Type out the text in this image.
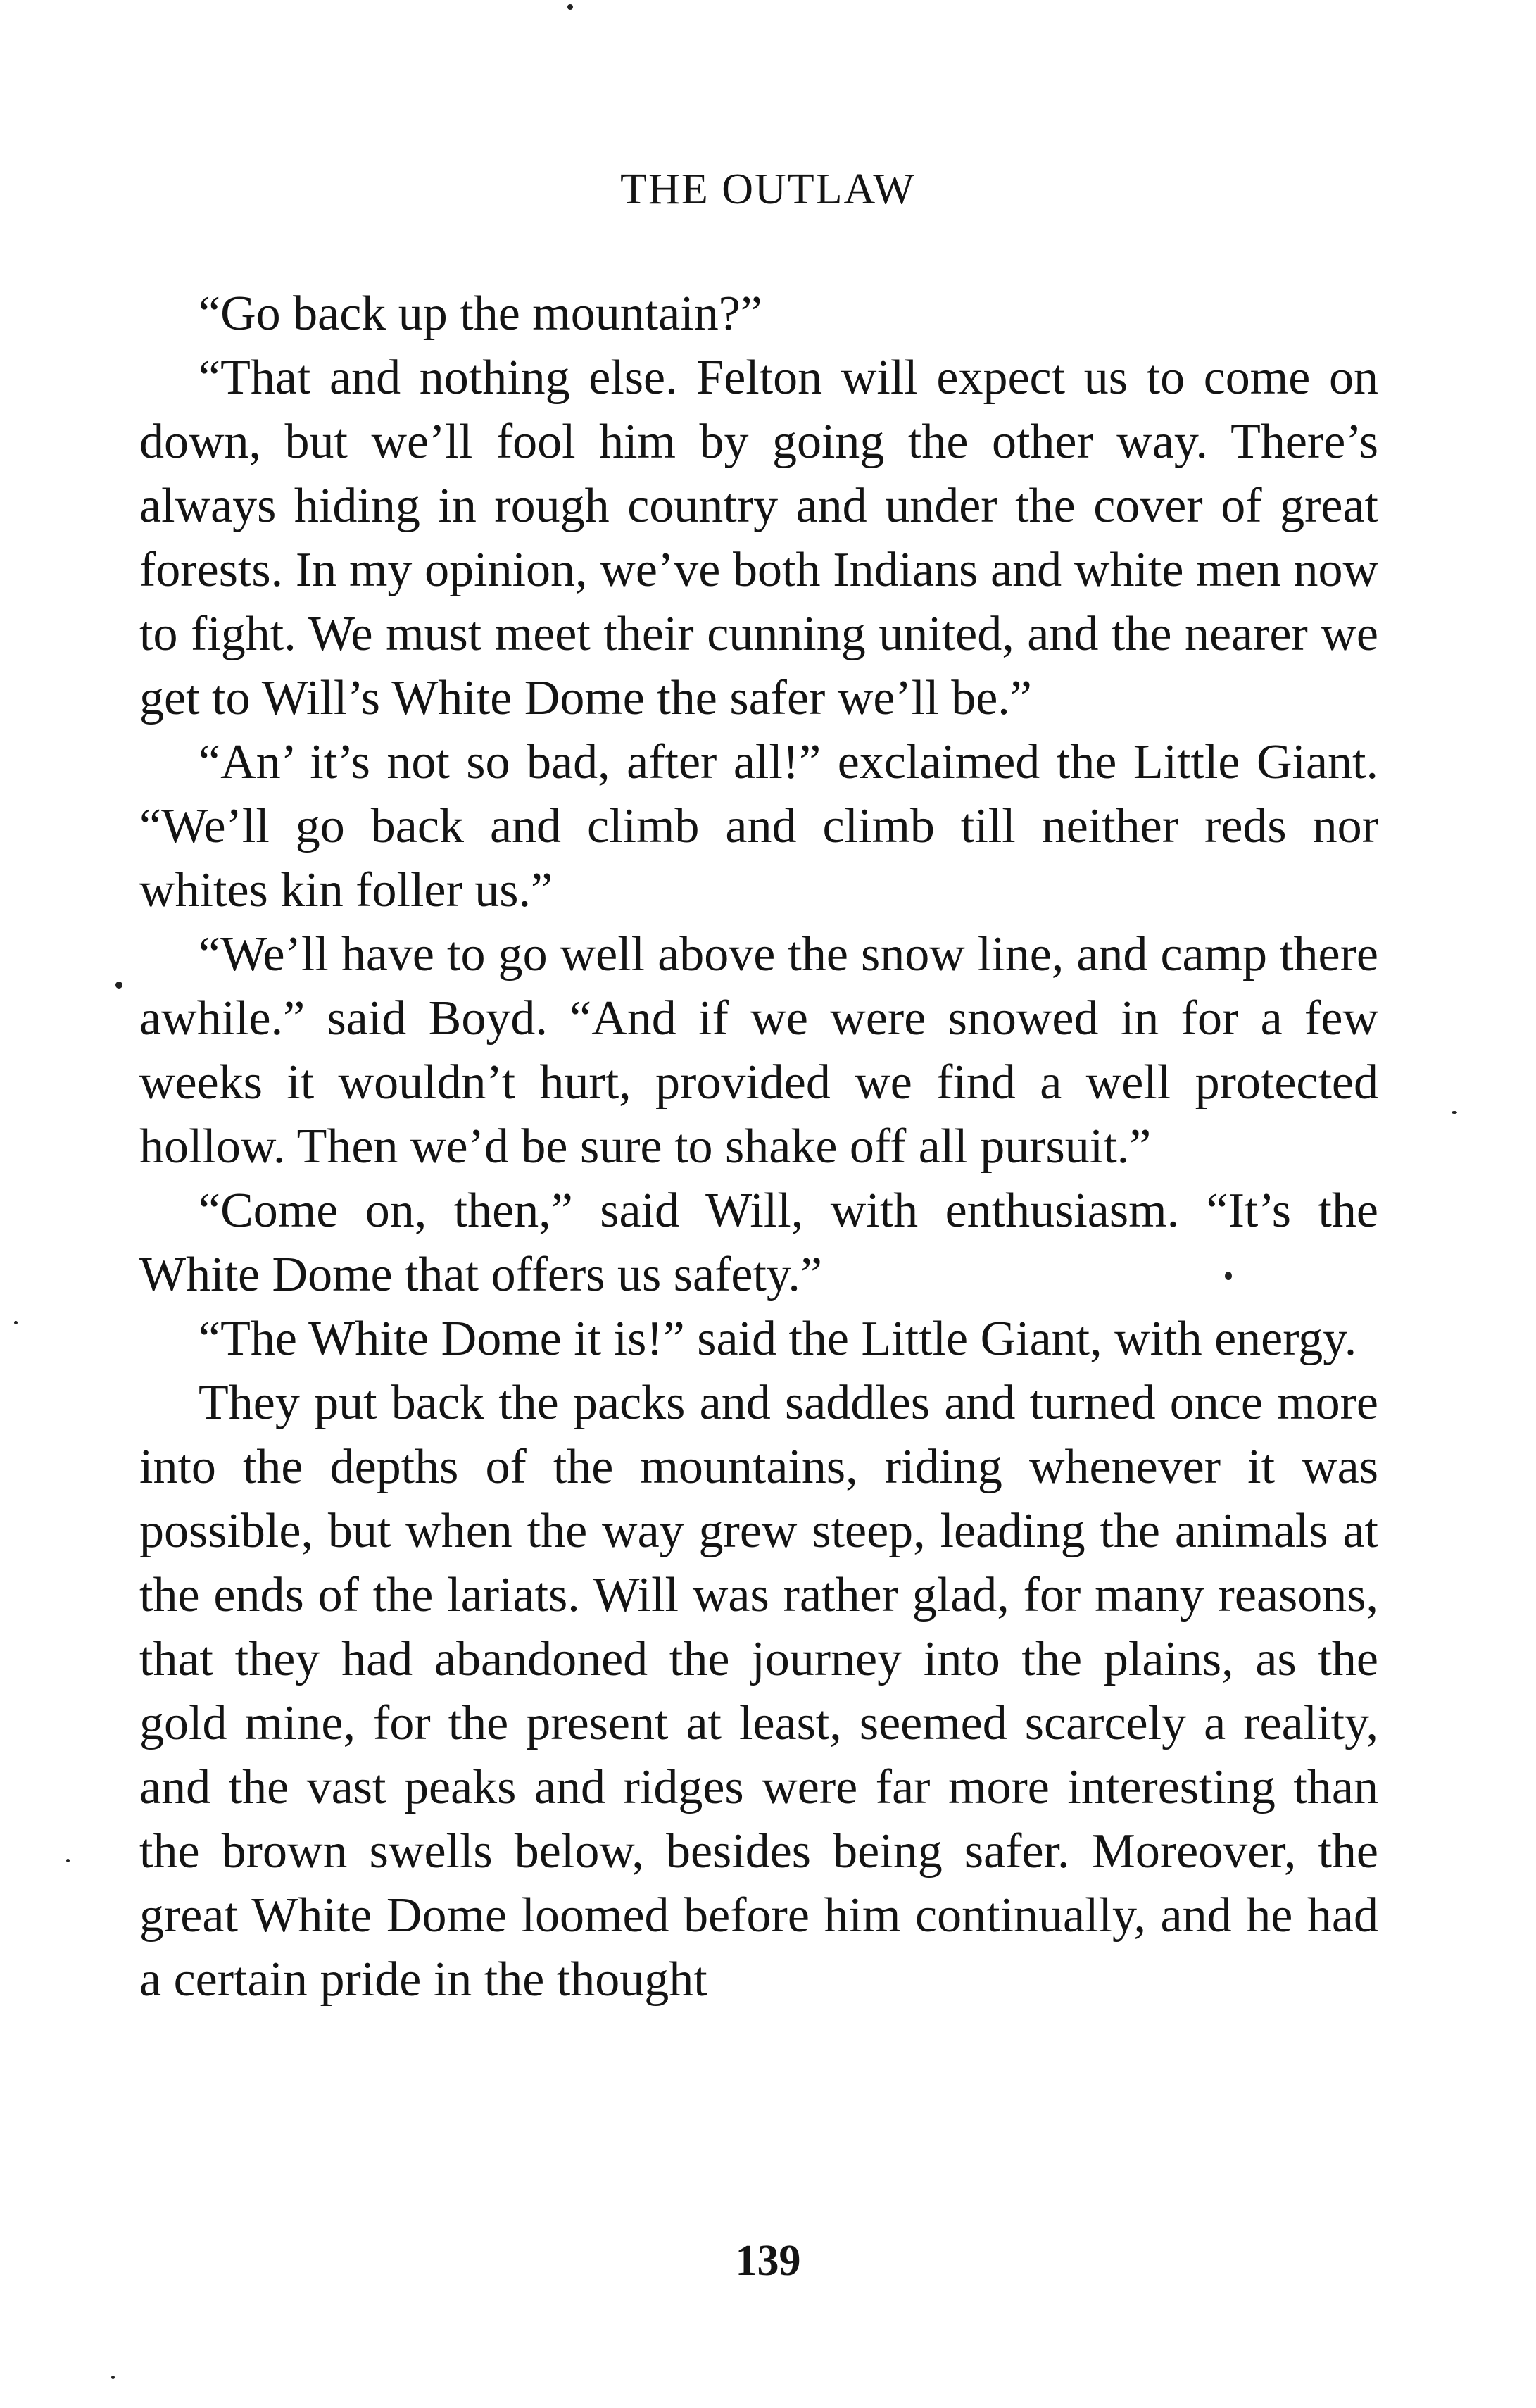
THE OUTLAW

“Go back up the mountain?”

“That and nothing else. Felton will expect us to come on down, but we’ll fool him by going the other way. There’s always hiding in rough country and under the cover of great forests. In my opinion, we’ve both Indians and white men now to fight. We must meet their cunning united, and the nearer we get to Will’s White Dome the safer we’ll be.”

“An’ it’s not so bad, after all!” exclaimed the Little Giant. “We’ll go back and climb and climb till neither reds nor whites kin foller us.”

“We’ll have to go well above the snow line, and camp there awhile.” said Boyd. “And if we were snowed in for a few weeks it wouldn’t hurt, provided we find a well protected hollow. Then we’d be sure to shake off all pursuit.”

“Come on, then,” said Will, with enthusiasm. “It’s the White Dome that offers us safety.”

“The White Dome it is!” said the Little Giant, with energy.

They put back the packs and saddles and turned once more into the depths of the mountains, riding whenever it was possible, but when the way grew steep, leading the animals at the ends of the lariats. Will was rather glad, for many reasons, that they had abandoned the journey into the plains, as the gold mine, for the present at least, seemed scarcely a reality, and the vast peaks and ridges were far more interesting than the brown swells below, besides being safer. Moreover, the great White Dome loomed before him continually, and he had a certain pride in the thought

139
